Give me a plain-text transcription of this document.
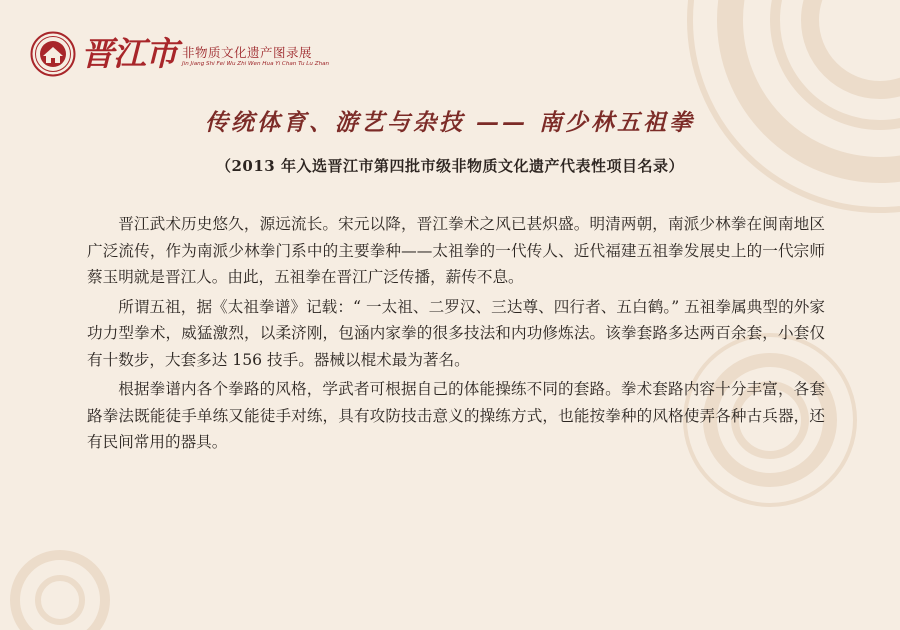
晋江市 非物质文化遗产图录展
Jin Jiang Shi Fei Wu Zhi Wen Hua Yi Chan Tu Lu Zhan
传统体育、游艺与杂技 —— 南少林五祖拳
（2013 年入选晋江市第四批市级非物质文化遗产代表性项目名录）

晋江武术历史悠久，源远流长。宋元以降，晋江拳术之风已甚炽盛。明清两朝，南派少林拳在闽南地区广泛流传，作为南派少林拳门系中的主要拳种——太祖拳的一代传人、近代福建五祖拳发展史上的一代宗师蔡玉明就是晋江人。由此，五祖拳在晋江广泛传播，薪传不息。

所谓五祖，据《太祖拳谱》记载：“ 一太祖、二罗汉、三达尊、四行者、五白鹤。” 五祖拳属典型的外家功力型拳术，威猛激烈，以柔济刚，包涵内家拳的很多技法和内功修炼法。该拳套路多达两百余套，小套仅有十数步，大套多达 156 技手。器械以棍术最为著名。

根据拳谱内各个拳路的风格，学武者可根据自己的体能操练不同的套路。拳术套路内容十分丰富，各套路拳法既能徒手单练又能徒手对练，具有攻防技击意义的操练方式，也能按拳种的风格使弄各种古兵器，还有民间常用的器具。
